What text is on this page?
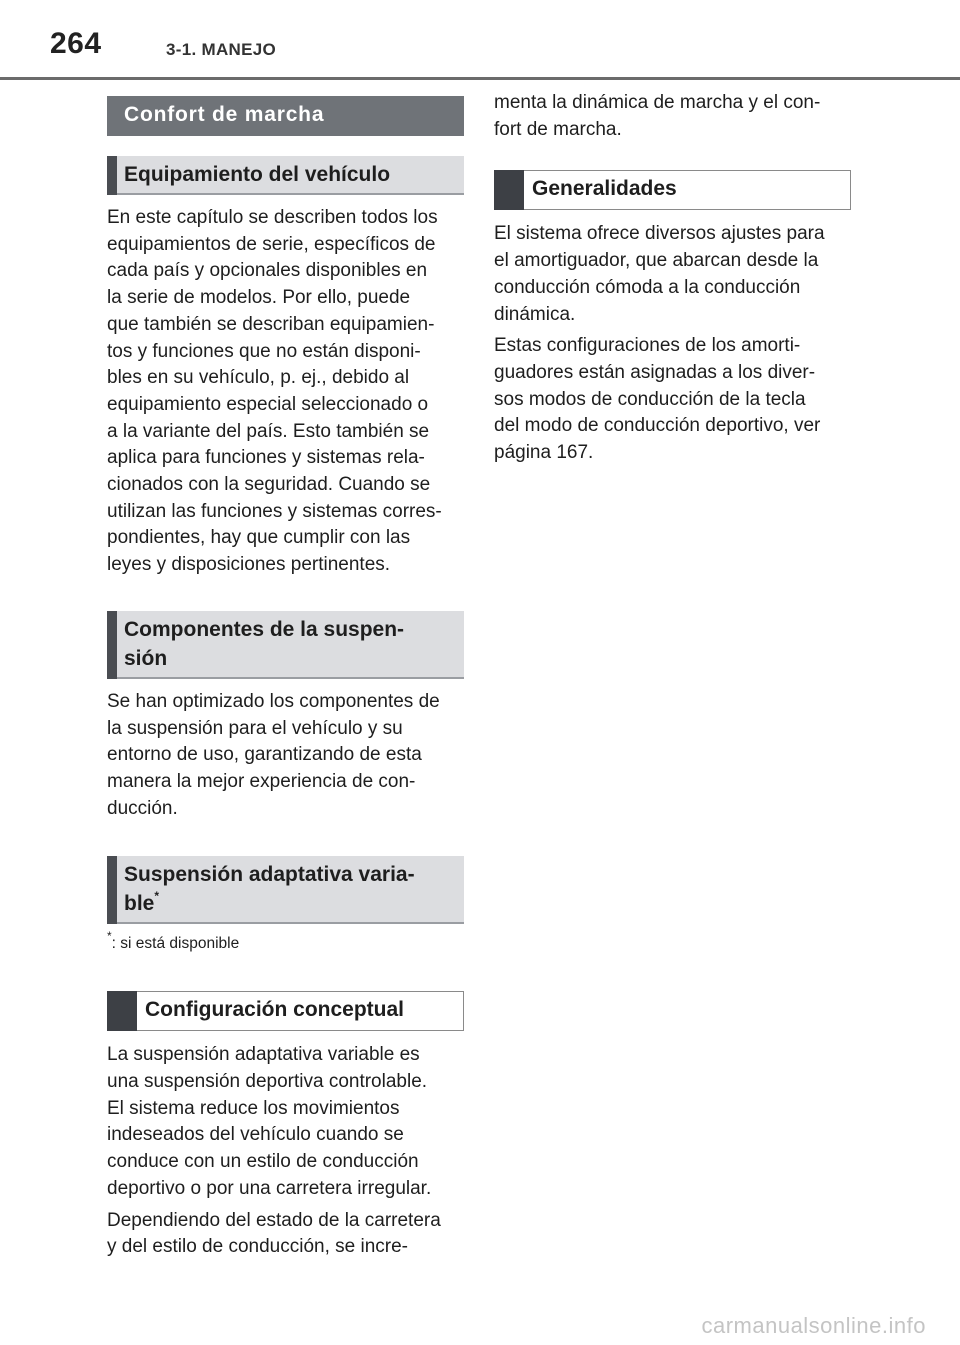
264	3-1. MANEJO
Confort de marcha
Equipamiento del vehículo
En este capítulo se describen todos los
equipamientos de serie, específicos de
cada país y opcionales disponibles en
la serie de modelos. Por ello, puede
que también se describan equipamien-
tos y funciones que no están disponi-
bles en su vehículo, p. ej., debido al
equipamiento especial seleccionado o
a la variante del país. Esto también se
aplica para funciones y sistemas rela-
cionados con la seguridad. Cuando se
utilizan las funciones y sistemas corres-
pondientes, hay que cumplir con las
leyes y disposiciones pertinentes.
Componentes de la suspen-
sión
Se han optimizado los componentes de
la suspensión para el vehículo y su
entorno de uso, garantizando de esta
manera la mejor experiencia de con-
ducción.
Suspensión adaptativa varia-
ble*
*: si está disponible
Configuración conceptual
La suspensión adaptativa variable es
una suspensión deportiva controlable.
El sistema reduce los movimientos
indeseados del vehículo cuando se
conduce con un estilo de conducción
deportivo o por una carretera irregular.
Dependiendo del estado de la carretera
y del estilo de conducción, se incre-
menta la dinámica de marcha y el con-
fort de marcha.
Generalidades
El sistema ofrece diversos ajustes para
el amortiguador, que abarcan desde la
conducción cómoda a la conducción
dinámica.
Estas configuraciones de los amorti-
guadores están asignadas a los diver-
sos modos de conducción de la tecla
del modo de conducción deportivo, ver
página 167.
carmanualsonline.info
